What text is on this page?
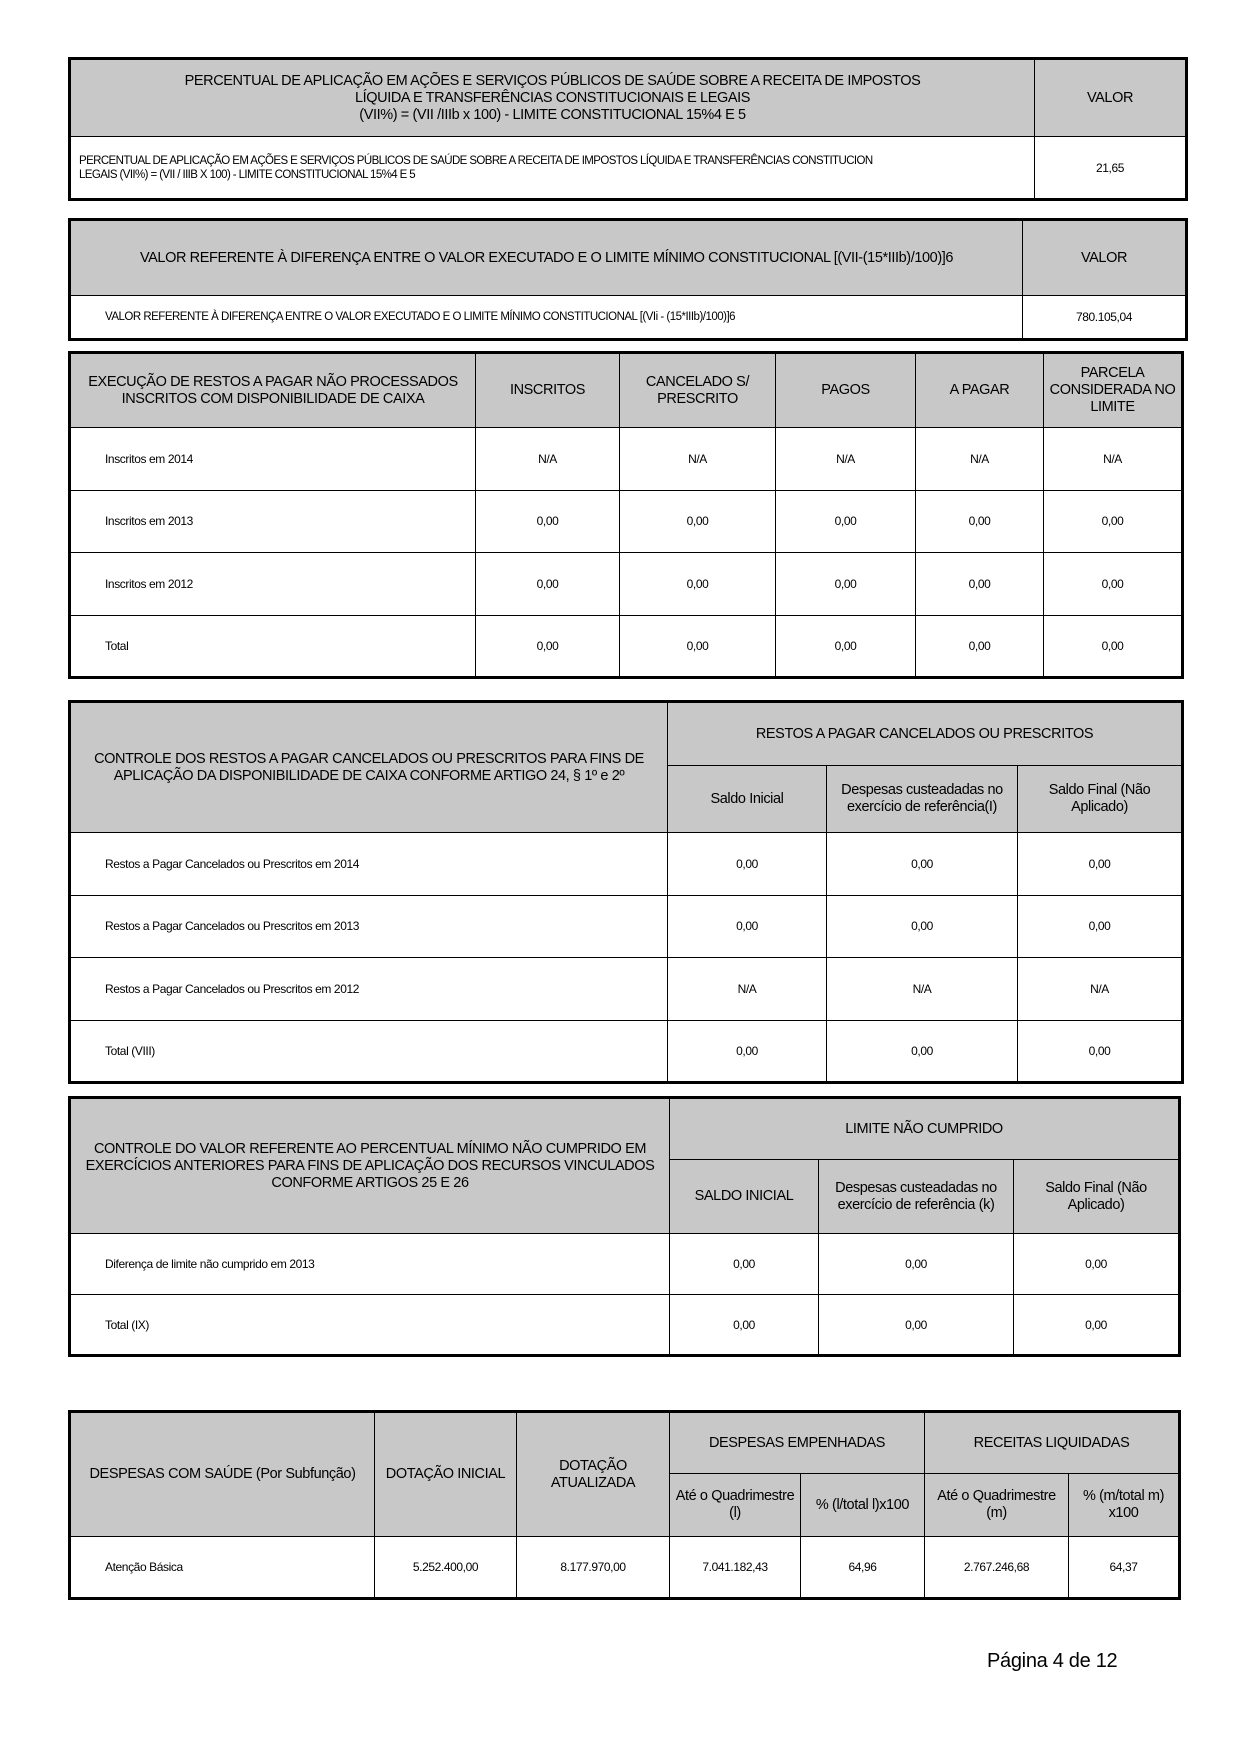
PERCENTUAL DE APLICAÇÃO EM AÇÕES E SERVIÇOS PÚBLICOS DE SAÚDE SOBRE A RECEITA DE IMPOSTOS
LÍQUIDA E TRANSFERÊNCIAS CONSTITUCIONAIS E LEGAIS
(VII%) = (VII /IIIb x 100) - LIMITE CONSTITUCIONAL 15%4 E 5	VALOR

PERCENTUAL DE APLICAÇÃO EM AÇÕES E SERVIÇOS PÚBLICOS DE SAÚDE SOBRE A RECEITA DE IMPOSTOS LÍQUIDA E TRANSFERÊNCIAS CONSTITUCION
LEGAIS (VII%) = (VII / IIIB X 100) - LIMITE CONSTITUCIONAL 15%4 E 5	21,65
VALOR REFERENTE À DIFERENÇA ENTRE O VALOR EXECUTADO E O LIMITE MÍNIMO CONSTITUCIONAL [(VII-(15*IIIb)/100)]6	VALOR
VALOR REFERENTE À DIFERENÇA ENTRE O VALOR EXECUTADO E O LIMITE MÍNIMO CONSTITUCIONAL [(VIi - (15*IIIb)/100)]6	780.105,04
EXECUÇÃO DE RESTOS A PAGAR NÃO PROCESSADOS INSCRITOS COM DISPONIBILIDADE DE CAIXA	INSCRITOS	CANCELADO S/ PRESCRITO	PAGOS	A PAGAR	PARCELA CONSIDERADA NO LIMITE
Inscritos em 2014	N/A	N/A	N/A	N/A	N/A
Inscritos em 2013	0,00	0,00	0,00	0,00	0,00
Inscritos em 2012	0,00	0,00	0,00	0,00	0,00
Total	0,00	0,00	0,00	0,00	0,00
CONTROLE DOS RESTOS A PAGAR CANCELADOS OU PRESCRITOS PARA FINS DE APLICAÇÃO DA DISPONIBILIDADE DE CAIXA CONFORME ARTIGO 24, § 1º e 2º	RESTOS A PAGAR CANCELADOS OU PRESCRITOS		
	Saldo Inicial	Despesas custeadadas no exercício de referência(I)	Saldo Final (Não Aplicado)
Restos a Pagar Cancelados ou Prescritos em 2014	0,00	0,00	0,00
Restos a Pagar Cancelados ou Prescritos em 2013	0,00	0,00	0,00
Restos a Pagar Cancelados ou Prescritos em 2012	N/A	N/A	N/A
Total (VIII)	0,00	0,00	0,00
CONTROLE DO VALOR REFERENTE AO PERCENTUAL MÍNIMO NÃO CUMPRIDO EM EXERCÍCIOS ANTERIORES PARA FINS DE APLICAÇÃO DOS RECURSOS VINCULADOS CONFORME ARTIGOS 25 E 26	LIMITE NÃO CUMPRIDO		
	SALDO INICIAL	Despesas custeadadas no exercício de referência (k)	Saldo Final (Não Aplicado)
Diferença de limite não cumprido em 2013	0,00	0,00	0,00
Total (IX)	0,00	0,00	0,00
DESPESAS COM SAÚDE (Por Subfunção)	DOTAÇÃO INICIAL	DOTAÇÃO ATUALIZADA	DESPESAS EMPENHADAS		RECEITAS LIQUIDADAS	
			Até o Quadrimestre (l)	% (l/total l)x100	Até o Quadrimestre (m)	% (m/total m) x100
Atenção Básica	5.252.400,00	8.177.970,00	7.041.182,43	64,96	2.767.246,68	64,37
Página 4 de 12
